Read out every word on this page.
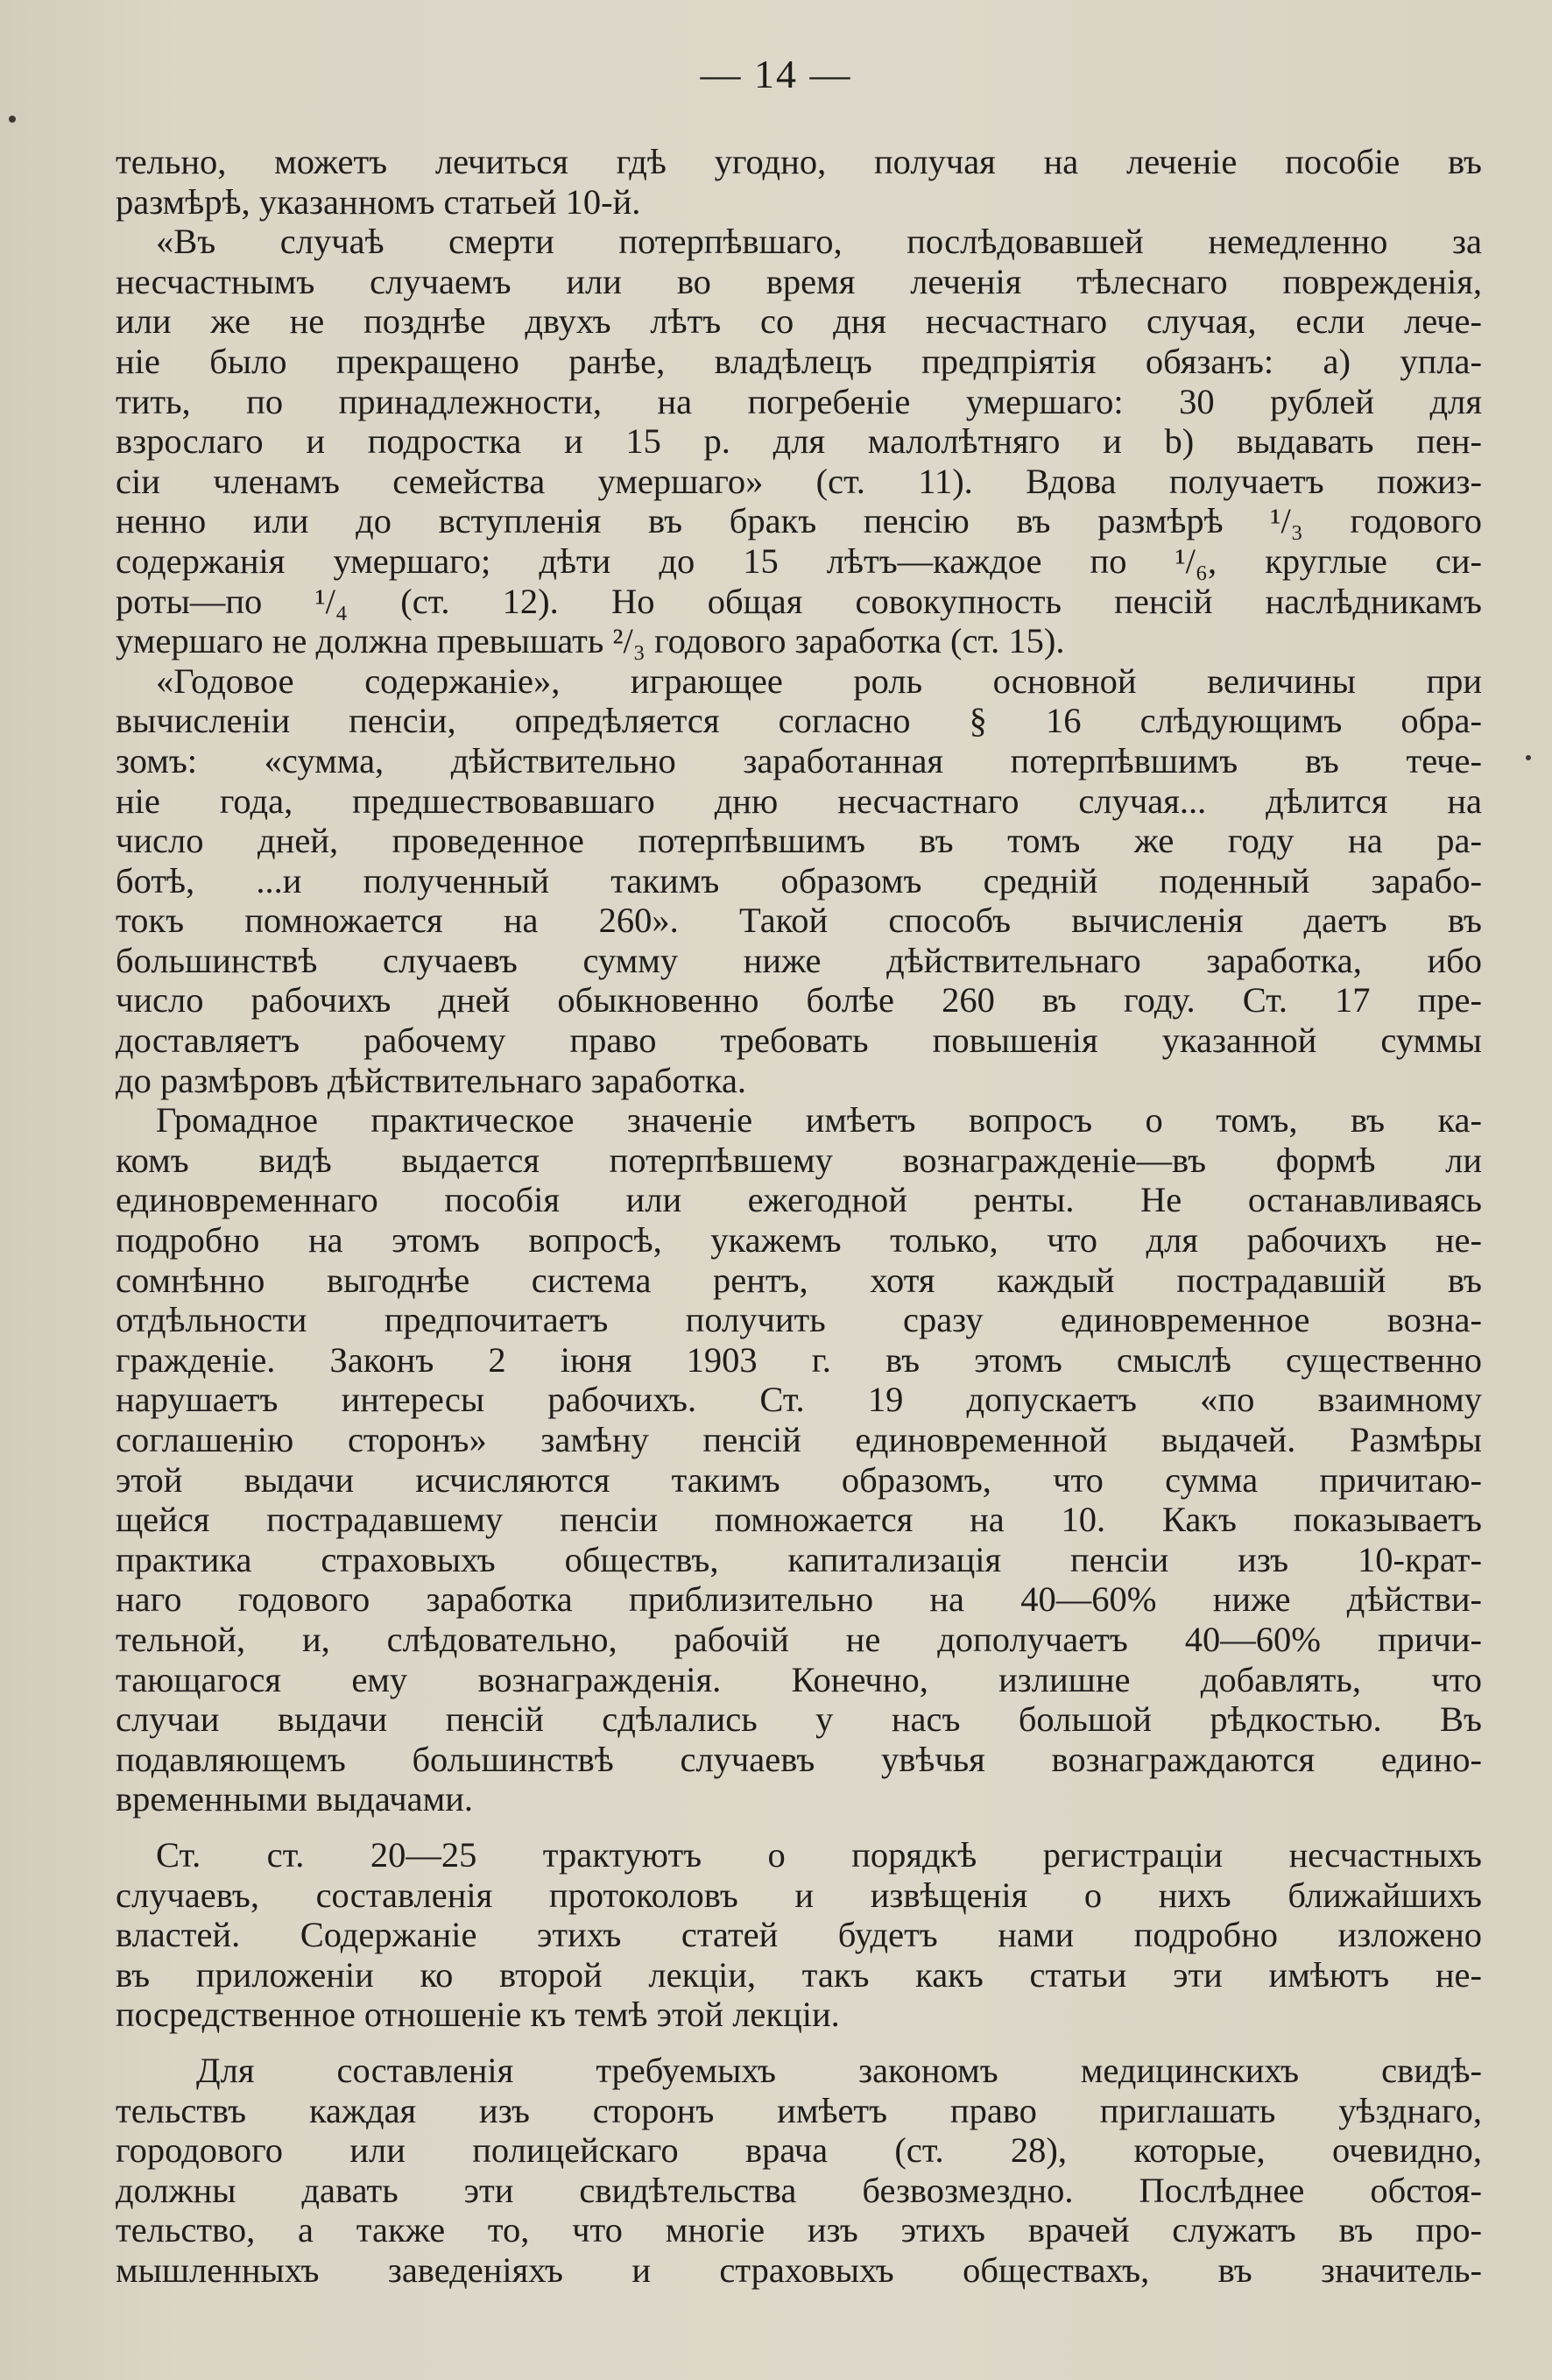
— 14 —
тельно, можетъ лечиться гдѣ угодно, получая на леченіе пособіе въ
размѣрѣ, указанномъ статьей 10-й.
«Въ случаѣ смерти потерпѣвшаго, послѣдовавшей немедленно за
несчастнымъ случаемъ или во время леченія тѣлеснаго поврежденія,
или же не позднѣе двухъ лѣтъ со дня несчастнаго случая, если лече-
ніе было прекращено ранѣе, владѣлецъ предпріятія обязанъ: а) упла-
тить, по принадлежности, на погребеніе умершаго: 30 рублей для
взрослаго и подростка и 15 р. для малолѣтняго и b) выдавать пен-
сіи членамъ семейства умершаго» (ст. 11). Вдова получаетъ пожиз-
ненно или до вступленія въ бракъ пенсію въ размѣрѣ ¹/₃ годового
содержанія умершаго; дѣти до 15 лѣтъ—каждое по ¹/₆, круглые си-
роты—по ¹/₄ (ст. 12). Но общая совокупность пенсій наслѣдникамъ
умершаго не должна превышать ²/₃ годового заработка (ст. 15).
«Годовое содержаніе», играющее роль основной величины при
вычисленіи пенсіи, опредѣляется согласно § 16 слѣдующимъ обра-
зомъ: «сумма, дѣйствительно заработанная потерпѣвшимъ въ тече-
ніе года, предшествовавшаго дню несчастнаго случая... дѣлится на
число дней, проведенное потерпѣвшимъ въ томъ же году на ра-
ботѣ, ...и полученный такимъ образомъ средній поденный зарабо-
токъ помножается на 260». Такой способъ вычисленія даетъ въ
большинствѣ случаевъ сумму ниже дѣйствительнаго заработка, ибо
число рабочихъ дней обыкновенно болѣе 260 въ году. Ст. 17 пре-
доставляетъ рабочему право требовать повышенія указанной суммы
до размѣровъ дѣйствительнаго заработка.
Громадное практическое значеніе имѣетъ вопросъ о томъ, въ ка-
комъ видѣ выдается потерпѣвшему вознагражденіе—въ формѣ ли
единовременнаго пособія или ежегодной ренты. Не останавливаясь
подробно на этомъ вопросѣ, укажемъ только, что для рабочихъ не-
сомнѣнно выгоднѣе система рентъ, хотя каждый пострадавшій въ
отдѣльности предпочитаетъ получить сразу единовременное возна-
гражденіе. Законъ 2 іюня 1903 г. въ этомъ смыслѣ существенно
нарушаетъ интересы рабочихъ. Ст. 19 допускаетъ «по взаимному
соглашенію сторонъ» замѣну пенсій единовременной выдачей. Размѣры
этой выдачи исчисляются такимъ образомъ, что сумма причитаю-
щейся пострадавшему пенсіи помножается на 10. Какъ показываетъ
практика страховыхъ обществъ, капитализація пенсіи изъ 10-крат-
наго годового заработка приблизительно на 40—60% ниже дѣйстви-
тельной, и, слѣдовательно, рабочій не дополучаетъ 40—60% причи-
тающагося ему вознагражденія. Конечно, излишне добавлять, что
случаи выдачи пенсій сдѣлались у насъ большой рѣдкостью. Въ
подавляющемъ большинствѣ случаевъ увѣчья вознаграждаются едино-
временными выдачами.
Ст. ст. 20—25 трактуютъ о порядкѣ регистраціи несчастныхъ
случаевъ, составленія протоколовъ и извѣщенія о нихъ ближайшихъ
властей. Содержаніе этихъ статей будетъ нами подробно изложено
въ приложеніи ко второй лекціи, такъ какъ статьи эти имѣютъ не-
посредственное отношеніе къ темѣ этой лекціи.
Для составленія требуемыхъ закономъ медицинскихъ свидѣ-
тельствъ каждая изъ сторонъ имѣетъ право приглашать уѣзднаго,
городового или полицейскаго врача (ст. 28), которые, очевидно,
должны давать эти свидѣтельства безвозмездно. Послѣднее обстоя-
тельство, а также то, что многіе изъ этихъ врачей служатъ въ про-
мышленныхъ заведеніяхъ и страховыхъ обществахъ, въ значитель-
